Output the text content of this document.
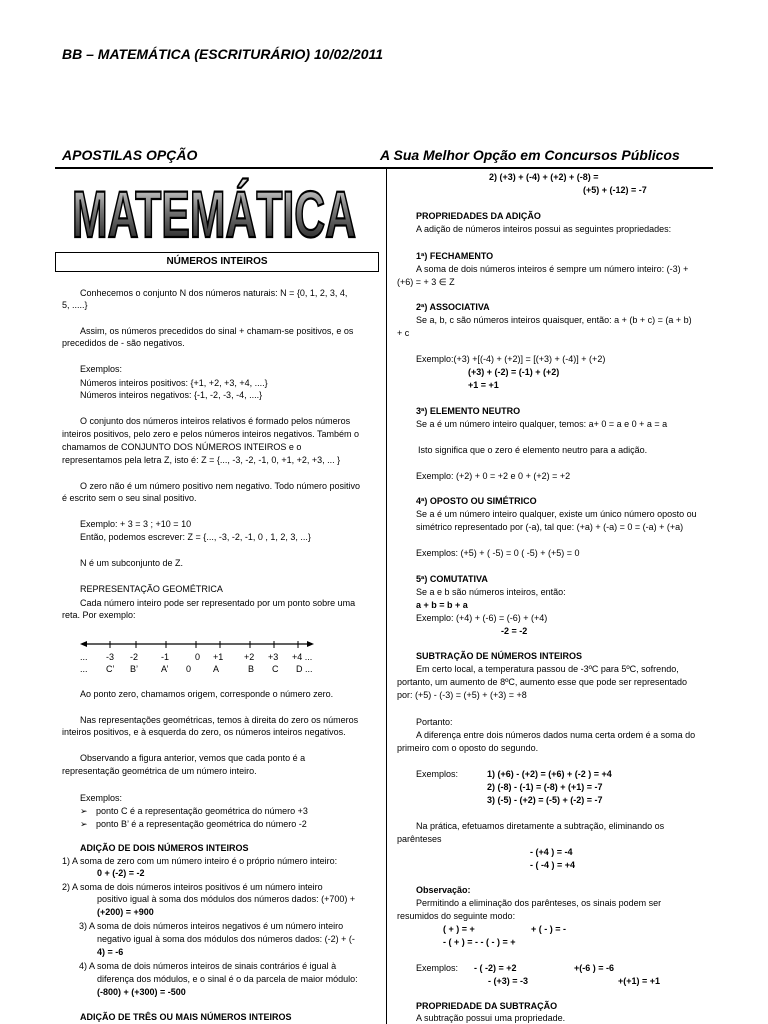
BB – MATEMÁTICA (ESCRITURÁRIO) 10/02/2011
APOSTILAS OPÇÃO	A Sua Melhor Opção em Concursos Públicos
MATEMÁTICA
NÚMEROS INTEIROS
Conhecemos o conjunto N dos números naturais: N = {0, 1, 2, 3, 4,
5, .....}
Assim, os números precedidos do sinal + chamam-se positivos, e os
precedidos de - são negativos.
Exemplos:
Números inteiros positivos: {+1, +2, +3, +4, ....}
Números inteiros negativos: {-1, -2, -3, -4, ....}
O conjunto dos números inteiros relativos é formado pelos números
inteiros positivos, pelo zero e pelos números inteiros negativos. Também o
chamamos de CONJUNTO DOS NÚMEROS INTEIROS e o
representamos pela letra Z, isto é: Z = {..., -3, -2, -1, 0, +1, +2, +3, ... }
O zero não é um número positivo nem negativo. Todo número positivo
é escrito sem o seu sinal positivo.
Exemplo: + 3 = 3 ; +10 = 10
Então, podemos escrever: Z = {..., -3, -2, -1, 0 , 1, 2, 3, ...}
N é um subconjunto de Z.
REPRESENTAÇÃO GEOMÉTRICA
Cada número inteiro pode ser representado por um ponto sobre uma
reta. Por exemplo:
... -3 -2	-1	0 +1 +2 +3 +4 ...
... C’ B’	A’ 0 A	B C D ...
Ao ponto zero, chamamos origem, corresponde o número zero.
Nas representações geométricas, temos à direita do zero os números
inteiros positivos, e à esquerda do zero, os números inteiros negativos.
Observando a figura anterior, vemos que cada ponto é a
representação geométrica de um número inteiro.
Exemplos:
➢ ponto C é a representação geométrica do número +3
➢ ponto B’ é a representação geométrica do número -2
ADIÇÃO DE DOIS NÚMEROS INTEIROS
1) A soma de zero com um número inteiro é o próprio número inteiro:
0 + (-2) = -2
2) A soma de dois números inteiros positivos é um número inteiro
positivo igual à soma dos módulos dos números dados: (+700) +
(+200) = +900
3) A soma de dois números inteiros negativos é um número inteiro
negativo igual à soma dos módulos dos números dados: (-2) + (-
4) = -6
4) A soma de dois números inteiros de sinais contrários é igual à
diferença dos módulos, e o sinal é o da parcela de maior módulo:
(-800) + (+300) = -500
ADIÇÃO DE TRÊS OU MAIS NÚMEROS INTEIROS
2) (+3) + (-4) + (+2) + (-8) =
(+5) + (-12) = -7
PROPRIEDADES DA ADIÇÃO
A adição de números inteiros possui as seguintes propriedades:
1ª) FECHAMENTO
A soma de dois números inteiros é sempre um número inteiro: (-3) +
(+6) = + 3 ∈ Z
2ª) ASSOCIATIVA
Se a, b, c são números inteiros quaisquer, então: a + (b + c) = (a + b)
+ c
Exemplo:(+3) +[(-4) + (+2)] = [(+3) + (-4)] + (+2)
(+3) + (-2) = (-1) + (+2)
+1 = +1
3ª) ELEMENTO NEUTRO
Se a é um número inteiro qualquer, temos: a+ 0 = a e 0 + a = a
Isto significa que o zero é elemento neutro para a adição.
Exemplo: (+2) + 0 = +2 e 0 + (+2) = +2
4ª) OPOSTO OU SIMÉTRICO
Se a é um número inteiro qualquer, existe um único número oposto ou
simétrico representado por (-a), tal que: (+a) + (-a) = 0 = (-a) + (+a)
Exemplos: (+5) + ( -5) = 0 ( -5) + (+5) = 0
5ª) COMUTATIVA
Se a e b são números inteiros, então:
a + b = b + a
Exemplo: (+4) + (-6) = (-6) + (+4)
-2 = -2
SUBTRAÇÃO DE NÚMEROS INTEIROS
Em certo local, a temperatura passou de -3ºC para 5ºC, sofrendo,
portanto, um aumento de 8ºC, aumento esse que pode ser representado
por: (+5) - (-3) = (+5) + (+3) = +8
Portanto:
A diferença entre dois números dados numa certa ordem é a soma do
primeiro com o oposto do segundo.
Exemplos:	1) (+6) - (+2) = (+6) + (-2 ) = +4
2) (-8) - (-1) = (-8) + (+1) = -7
3) (-5) - (+2) = (-5) + (-2) = -7
Na prática, efetuamos diretamente a subtração, eliminando os
parênteses
- (+4 ) = -4
- ( -4 ) = +4
Observação:
Permitindo a eliminação dos parênteses, os sinais podem ser
resumidos do seguinte modo:
( + ) = +	+ ( - ) = -
- ( + ) = - - ( - ) = +
Exemplos: - ( -2) = +2	+(-6 ) = -6
- (+3) = -3	+(+1) = +1
PROPRIEDADE DA SUBTRAÇÃO
A subtração possui uma propriedade.
